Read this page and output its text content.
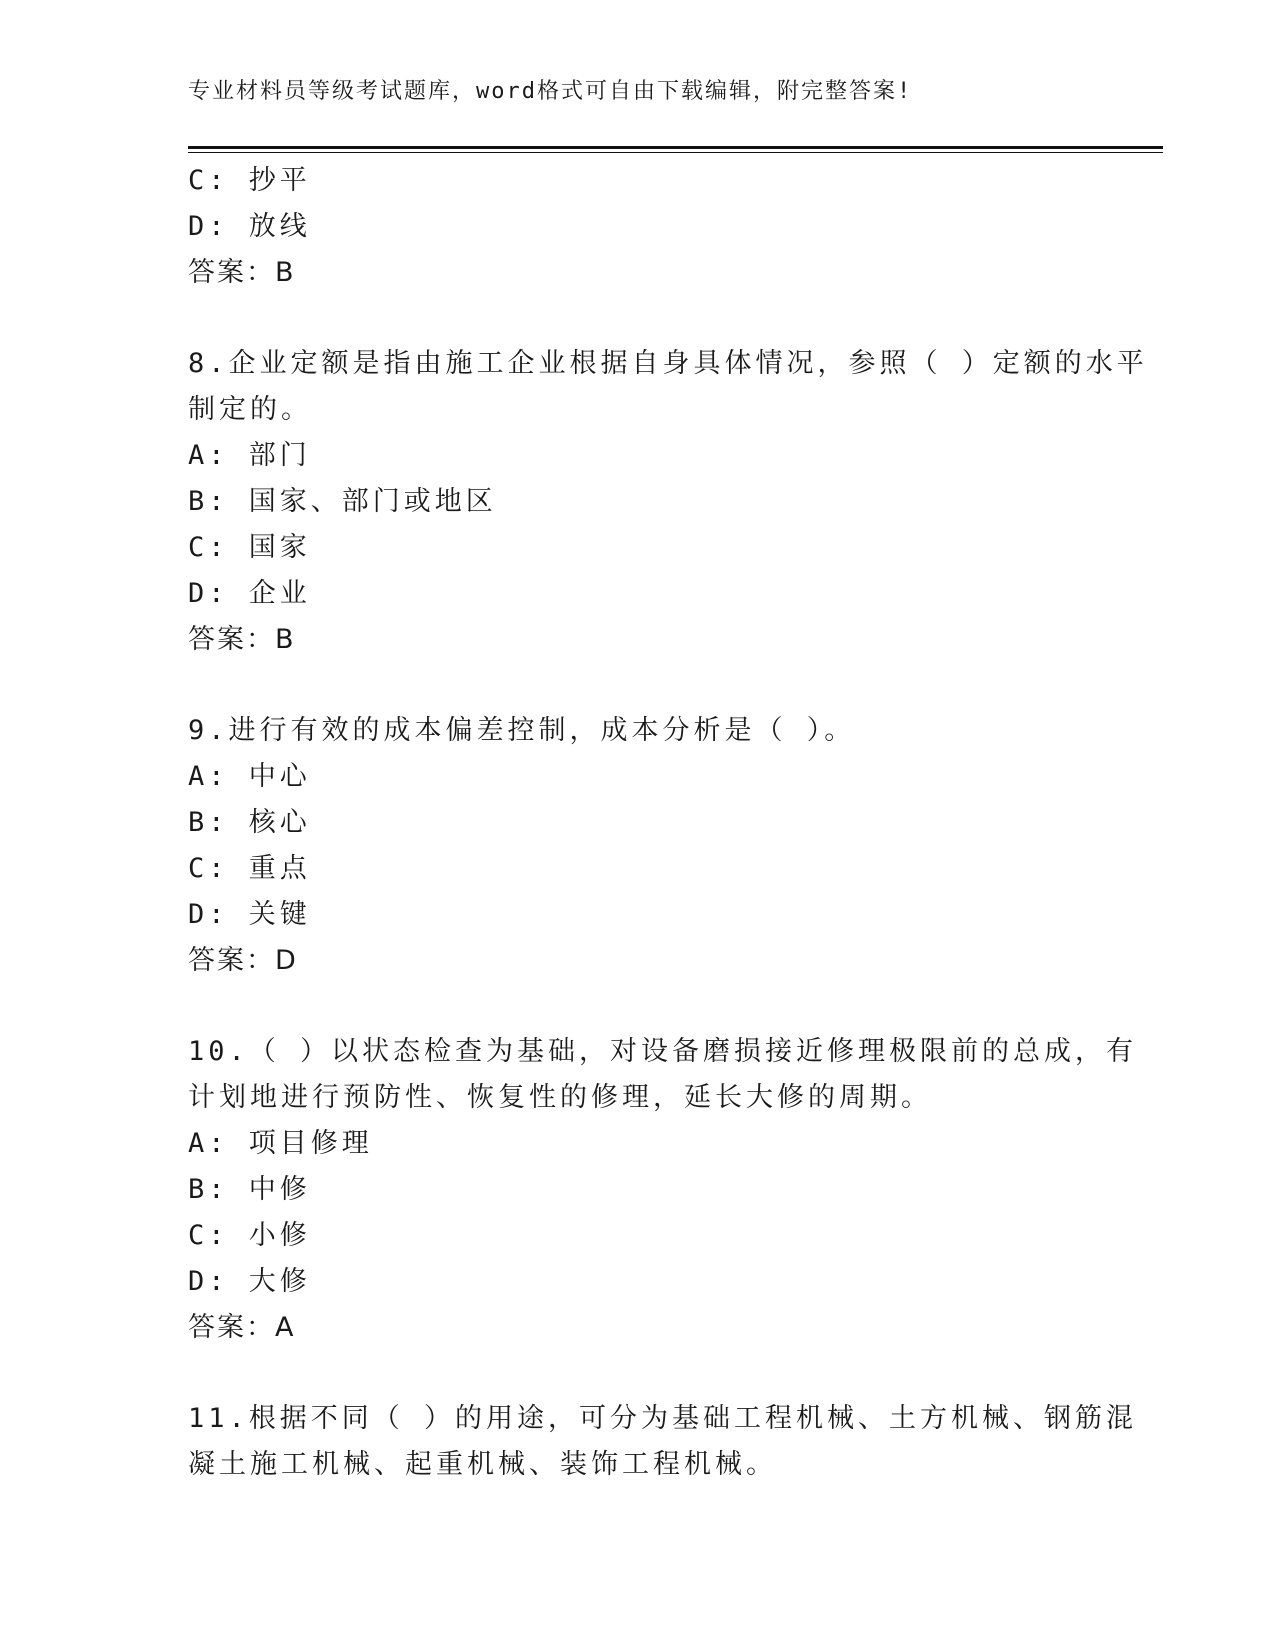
专业材料员等级考试题库，word格式可自由下载编辑，附完整答案!
C: 抄平
D: 放线
答案：B
8.企业定额是指由施工企业根据自身具体情况，参照（ ）定额的水平
制定的。
A: 部门
B: 国家、部门或地区
C: 国家
D: 企业
答案：B
9.进行有效的成本偏差控制，成本分析是（ ）。
A: 中心
B: 核心
C: 重点
D: 关键
答案：D
10.（ ）以状态检查为基础，对设备磨损接近修理极限前的总成，有
计划地进行预防性、恢复性的修理，延长大修的周期。
A: 项目修理
B: 中修
C: 小修
D: 大修
答案：A
11.根据不同（ ）的用途，可分为基础工程机械、土方机械、钢筋混
凝土施工机械、起重机械、装饰工程机械。
